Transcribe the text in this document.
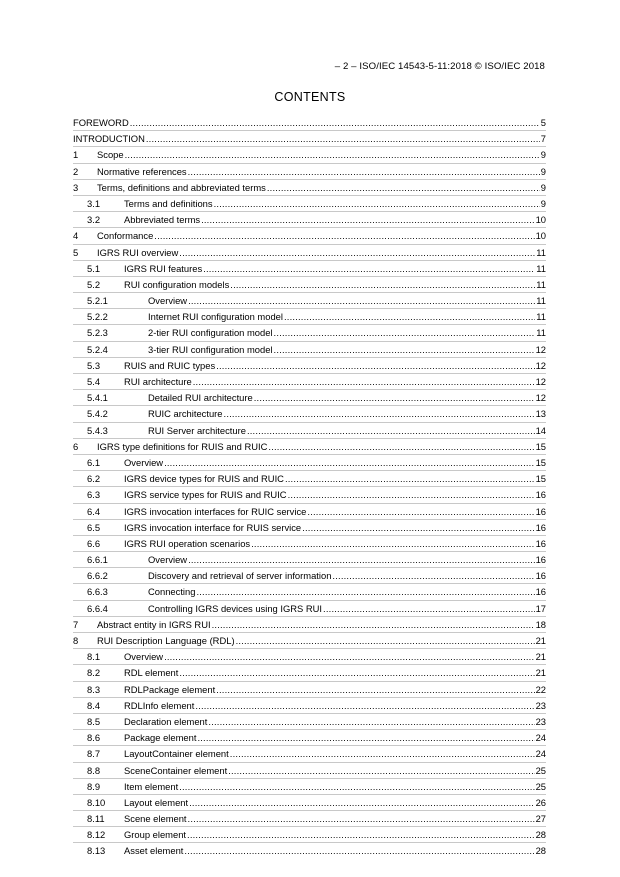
– 2 – ISO/IEC 14543-5-11:2018 © ISO/IEC 2018
CONTENTS
FOREWORD .....	5
INTRODUCTION .....	7
1	Scope .....	9
2	Normative references .....	9
3	Terms, definitions and abbreviated terms .....	9
3.1	Terms and definitions .....	9
3.2	Abbreviated terms .....	10
4	Conformance .....	10
5	IGRS RUI overview .....	11
5.1	IGRS RUI features .....	11
5.2	RUI configuration models .....	11
5.2.1	Overview .....	11
5.2.2	Internet RUI configuration model .....	11
5.2.3	2-tier RUI configuration model .....	11
5.2.4	3-tier RUI configuration model .....	12
5.3	RUIS and RUIC types .....	12
5.4	RUI architecture .....	12
5.4.1	Detailed RUI architecture .....	12
5.4.2	RUIC architecture .....	13
5.4.3	RUI Server architecture .....	14
6	IGRS type definitions for RUIS and RUIC .....	15
6.1	Overview .....	15
6.2	IGRS device types for RUIS and RUIC .....	15
6.3	IGRS service types for RUIS and RUIC .....	16
6.4	IGRS invocation interfaces for RUIC service .....	16
6.5	IGRS invocation interface for RUIS service .....	16
6.6	IGRS RUI operation scenarios .....	16
6.6.1	Overview .....	16
6.6.2	Discovery and retrieval of server information .....	16
6.6.3	Connecting .....	16
6.6.4	Controlling IGRS devices using IGRS RUI .....	17
7	Abstract entity in IGRS RUI .....	18
8	RUI Description Language (RDL) .....	21
8.1	Overview .....	21
8.2	RDL element .....	21
8.3	RDLPackage element .....	22
8.4	RDLInfo element .....	23
8.5	Declaration element .....	23
8.6	Package element .....	24
8.7	LayoutContainer element .....	24
8.8	SceneContainer element .....	25
8.9	Item element .....	25
8.10	Layout element .....	26
8.11	Scene element .....	27
8.12	Group element .....	28
8.13	Asset element .....	28
